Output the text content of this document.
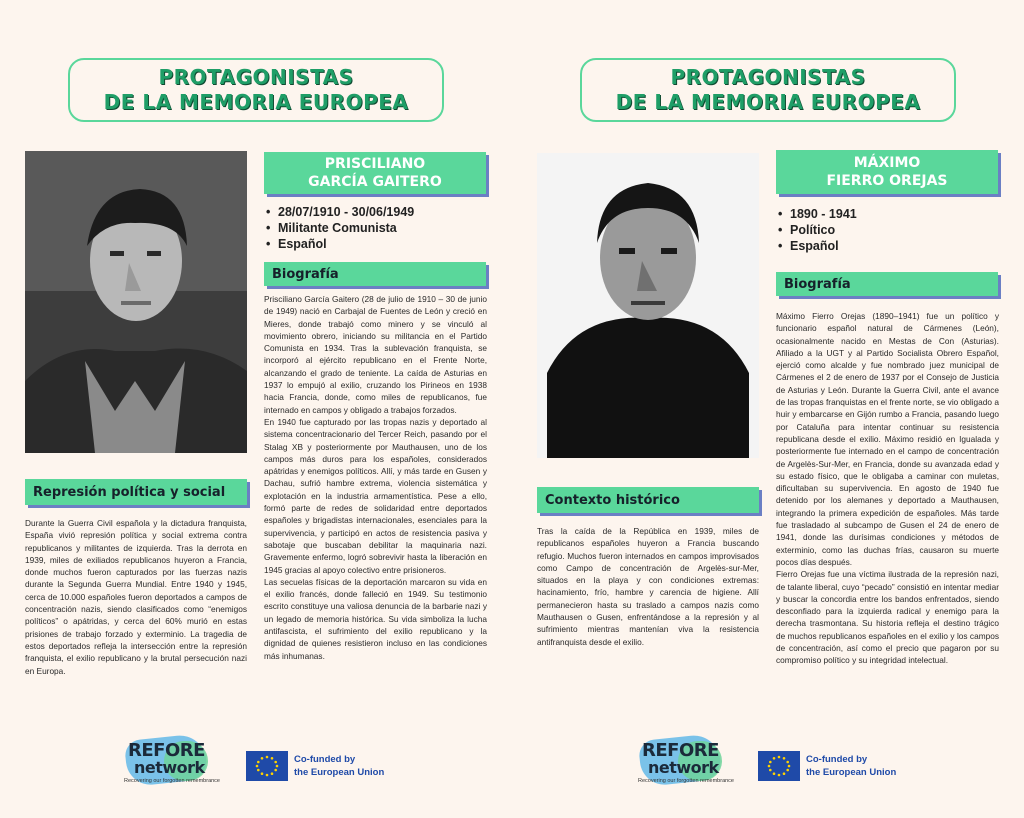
PROTAGONISTAS
DE LA MEMORIA EUROPEA
PRISCILIANO
GARCÍA GAITERO
• 28/07/1910 - 30/06/1949
• Militante Comunista
• Español
Biografía

Prisciliano García Gaitero (28 de julio de 1910 – 30 de junio de 1949) nació en Carbajal de Fuentes de León y creció en Mieres, donde trabajó como minero y se vinculó al movimiento obrero, iniciando su militancia en el Partido Comunista en 1934. Tras la sublevación franquista, se incorporó al ejército republicano en el Frente Norte, alcanzando el grado de teniente. La caída de Asturias en 1937 lo empujó al exilio, cruzando los Pirineos en 1938 hacia Francia, donde, como miles de republicanos, fue internado en campos y obligado a trabajos forzados.

En 1940 fue capturado por las tropas nazis y deportado al sistema concentracionario del Tercer Reich, pasando por el Stalag XB y posteriormente por Mauthausen, uno de los campos más duros para los españoles, considerados apátridas y enemigos políticos. Allí, y más tarde en Gusen y Dachau, sufrió hambre extrema, violencia sistemática y explotación en la industria armamentística. Pese a ello, formó parte de redes de solidaridad entre deportados españoles y brigadistas internacionales, esenciales para la supervivencia, y participó en actos de resistencia pasiva y sabotaje que buscaban debilitar la maquinaria nazi. Gravemente enfermo, logró sobrevivir hasta la liberación en 1945 gracias al apoyo colectivo entre prisioneros.

Las secuelas físicas de la deportación marcaron su vida en el exilio francés, donde falleció en 1949. Su testimonio escrito constituye una valiosa denuncia de la barbarie nazi y un legado de memoria histórica. Su vida simboliza la lucha antifascista, el sufrimiento del exilio republicano y la dignidad de quienes resistieron incluso en las condiciones más inhumanas.

Represión política y social

Durante la Guerra Civil española y la dictadura franquista, España vivió represión política y social extrema contra republicanos y militantes de izquierda. Tras la derrota en 1939, miles de exiliados republicanos huyeron a Francia, donde muchos fueron capturados por las fuerzas nazis durante la Segunda Guerra Mundial. Entre 1940 y 1945, cerca de 10.000 españoles fueron deportados a campos de concentración nazis, siendo clasificados como “enemigos políticos” o apátridas, y cerca del 60% murió en estas prisiones de trabajo forzado y exterminio. La tragedia de estos deportados refleja la intersección entre la represión franquista, el exilio republicano y la brutal persecución nazi en Europa.

REFORE
network
Recovering our forgotten remembrance
Co-funded by
the European Union
PROTAGONISTAS
DE LA MEMORIA EUROPEA
MÁXIMO
FIERRO OREJAS
• 1890 - 1941
• Político
• Español
Biografía

Máximo Fierro Orejas (1890–1941) fue un político y funcionario español natural de Cármenes (León), ocasionalmente nacido en Mestas de Con (Asturias). Afiliado a la UGT y al Partido Socialista Obrero Español, ejerció como alcalde y fue nombrado juez municipal de Cármenes el 2 de enero de 1937 por el Consejo de Justicia de Asturias y León. Durante la Guerra Civil, ante el avance de las tropas franquistas en el frente norte, se vio obligado a huir y embarcarse en Gijón rumbo a Francia, pasando luego por Cataluña para intentar continuar su resistencia republicana desde el exilio. Máximo residió en Igualada y posteriormente fue internado en el campo de concentración de Argelès-Sur-Mer, en Francia, donde su avanzada edad y su estado físico, que le obligaba a caminar con muletas, dificultaban su supervivencia. En agosto de 1940 fue detenido por los alemanes y deportado a Mauthausen, integrando la primera expedición de españoles. Más tarde fue trasladado al subcampo de Gusen el 24 de enero de 1941, donde las durísimas condiciones y métodos de exterminio, como las duchas frías, causaron su muerte pocos días después.

Fierro Orejas fue una víctima ilustrada de la represión nazi, de talante liberal, cuyo “pecado” consistió en intentar mediar y buscar la concordia entre los bandos enfrentados, siendo desconfiado para la izquierda radical y enemigo para la derecha trasmontana. Su historia refleja el destino trágico de muchos republicanos españoles en el exilio y los campos de concentración, así como el precio que pagaron por su compromiso político y su integridad intelectual.

Contexto histórico

Tras la caída de la República en 1939, miles de republicanos españoles huyeron a Francia buscando refugio. Muchos fueron internados en campos improvisados como Campo de concentración de Argelès-sur-Mer, situados en la playa y con condiciones extremas: hacinamiento, frío, hambre y carencia de higiene. Allí permanecieron hasta su traslado a campos nazis como Mauthausen o Gusen, enfrentándose a la represión y al sufrimiento mientras mantenían viva la resistencia antifranquista desde el exilio.

REFORE
network
Recovering our forgotten remembrance
Co-funded by
the European Union
